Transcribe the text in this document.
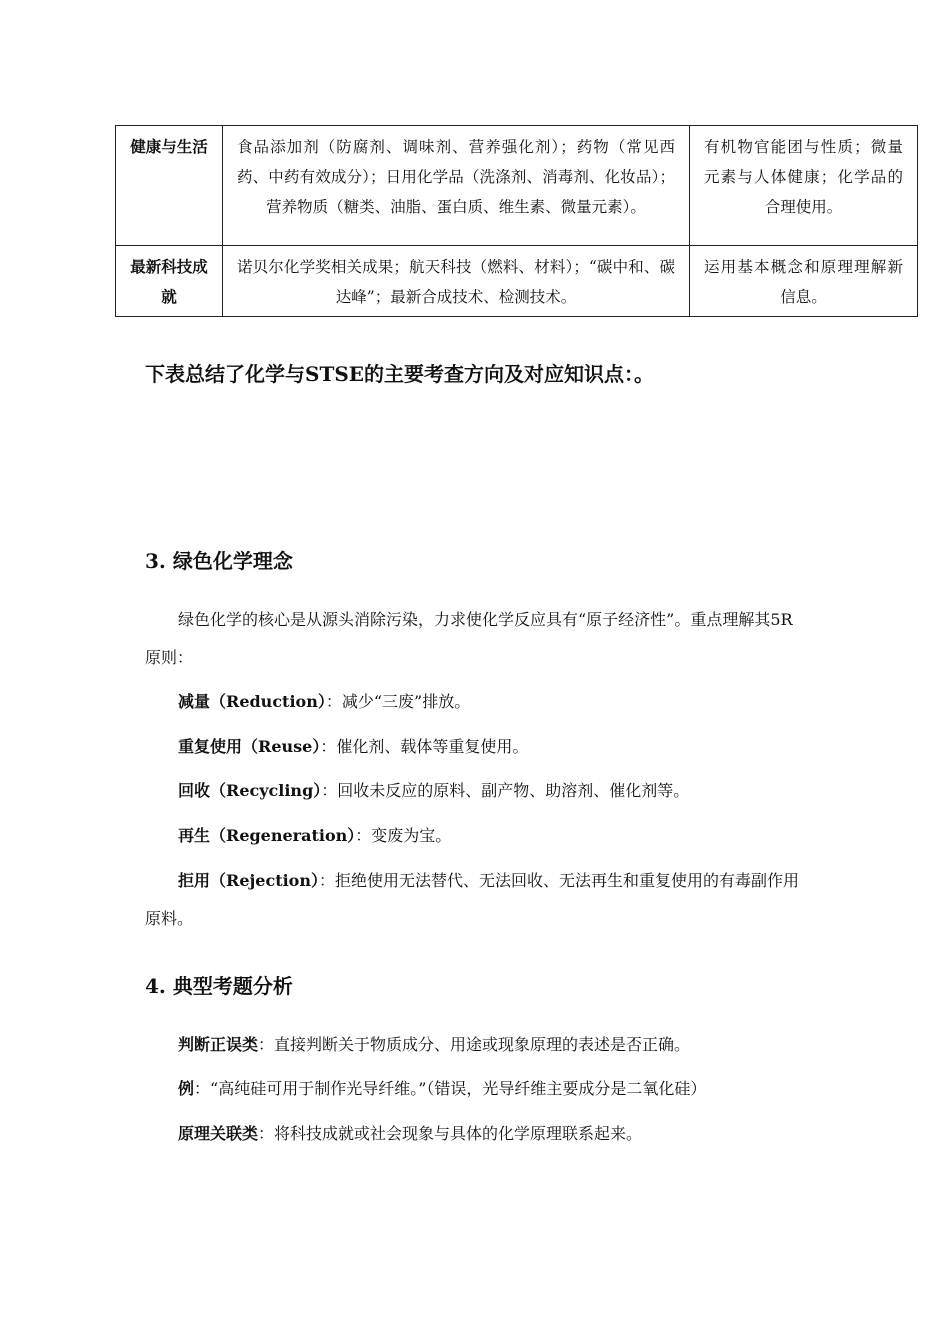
健康与生活	食品添加剂（防腐剂、调味剂、营养强化剂）；药物（常见西药、中药有效成分）；日用化学品（洗涤剂、消毒剂、化妆品）；营养物质（糖类、油脂、蛋白质、维生素、微量元素）。	有机物官能团与性质；微量元素与人体健康；化学品的合理使用。
最新科技成就	诺贝尔化学奖相关成果；航天科技（燃料、材料）；“碳中和、碳达峰”；最新合成技术、检测技术。	运用基本概念和原理理解新信息。

下表总结了化学与STSE的主要考查方向及对应知识点：。

3. 绿色化学理念

绿色化学的核心是从源头消除污染，力求使化学反应具有“原子经济性”。重点理解其5R原则：

减量（Reduction）：减少“三废”排放。

重复使用（Reuse）：催化剂、载体等重复使用。

回收（Recycling）：回收未反应的原料、副产物、助溶剂、催化剂等。

再生（Regeneration）：变废为宝。

拒用（Rejection）：拒绝使用无法替代、无法回收、无法再生和重复使用的有毒副作用原料。

4. 典型考题分析

判断正误类：直接判断关于物质成分、用途或现象原理的表述是否正确。

例：“高纯硅可用于制作光导纤维。”（错误，光导纤维主要成分是二氧化硅）

原理关联类：将科技成就或社会现象与具体的化学原理联系起来。
